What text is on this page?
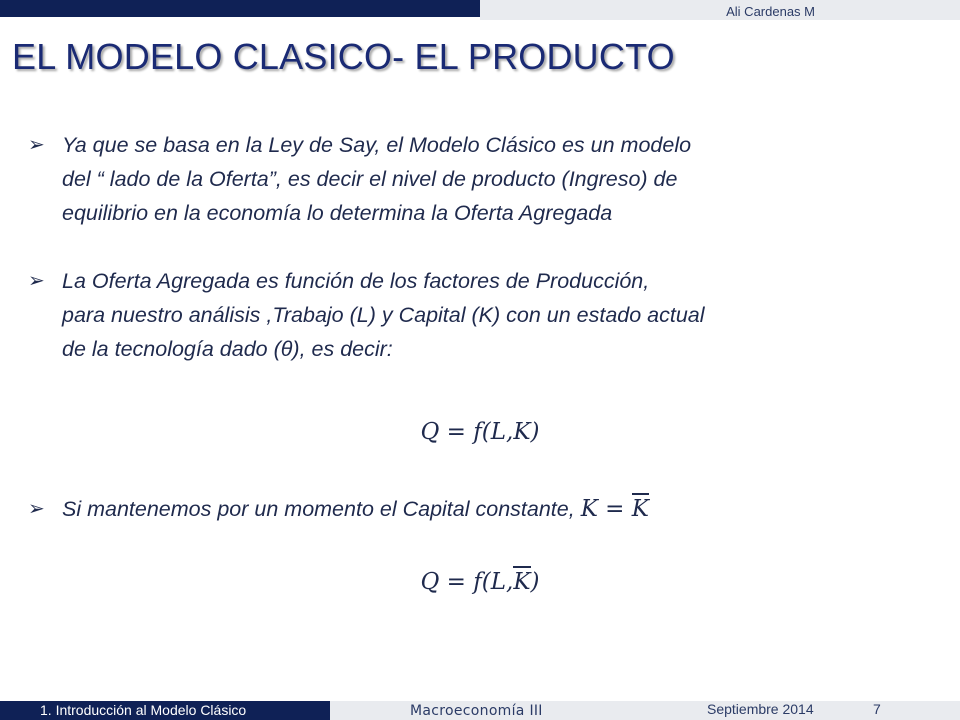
Ali Cardenas M
EL MODELO CLASICO- EL PRODUCTO
➢ Ya que se basa en la Ley de Say, el Modelo Clásico es un modelo
del “ lado de la Oferta”, es decir el nivel de producto (Ingreso) de
equilibrio en la economía lo determina la Oferta Agregada
➢ La Oferta Agregada es función de los factores de Producción,
para nuestro análisis ,Trabajo (L) y Capital (K) con un estado actual
de la tecnología dado (θ), es decir:
Q = f(L,K)
➢ Si mantenemos por un momento el Capital constante, K = K
Q = f(L,K)
1. Introducción al Modelo Clásico	Macroeconomía III	Septiembre 2014	7
